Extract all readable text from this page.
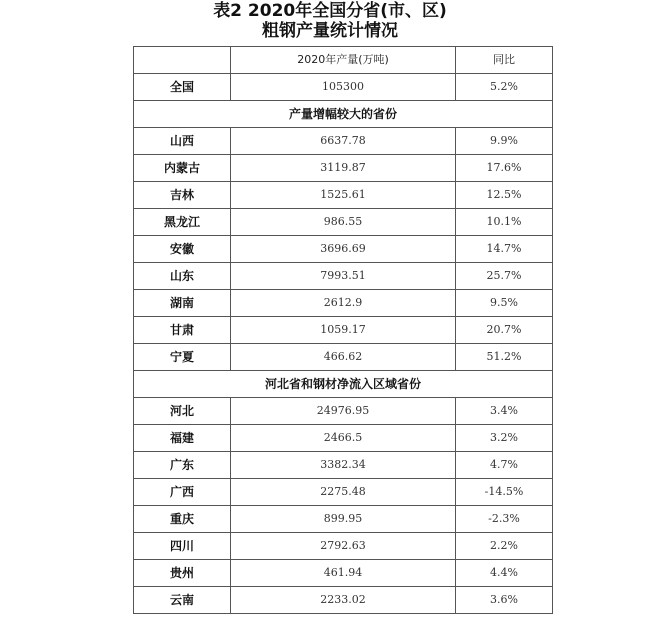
表2 2020年全国分省(市、区)
粗钢产量统计情况
	2020年产量(万吨)	同比
全国	105300	5.2%
产量增幅较大的省份		
山西	6637.78	9.9%
内蒙古	3119.87	17.6%
吉林	1525.61	12.5%
黑龙江	986.55	10.1%
安徽	3696.69	14.7%
山东	7993.51	25.7%
湖南	2612.9	9.5%
甘肃	1059.17	20.7%
宁夏	466.62	51.2%
河北省和钢材净流入区域省份		
河北	24976.95	3.4%
福建	2466.5	3.2%
广东	3382.34	4.7%
广西	2275.48	-14.5%
重庆	899.95	-2.3%
四川	2792.63	2.2%
贵州	461.94	4.4%
云南	2233.02	3.6%
